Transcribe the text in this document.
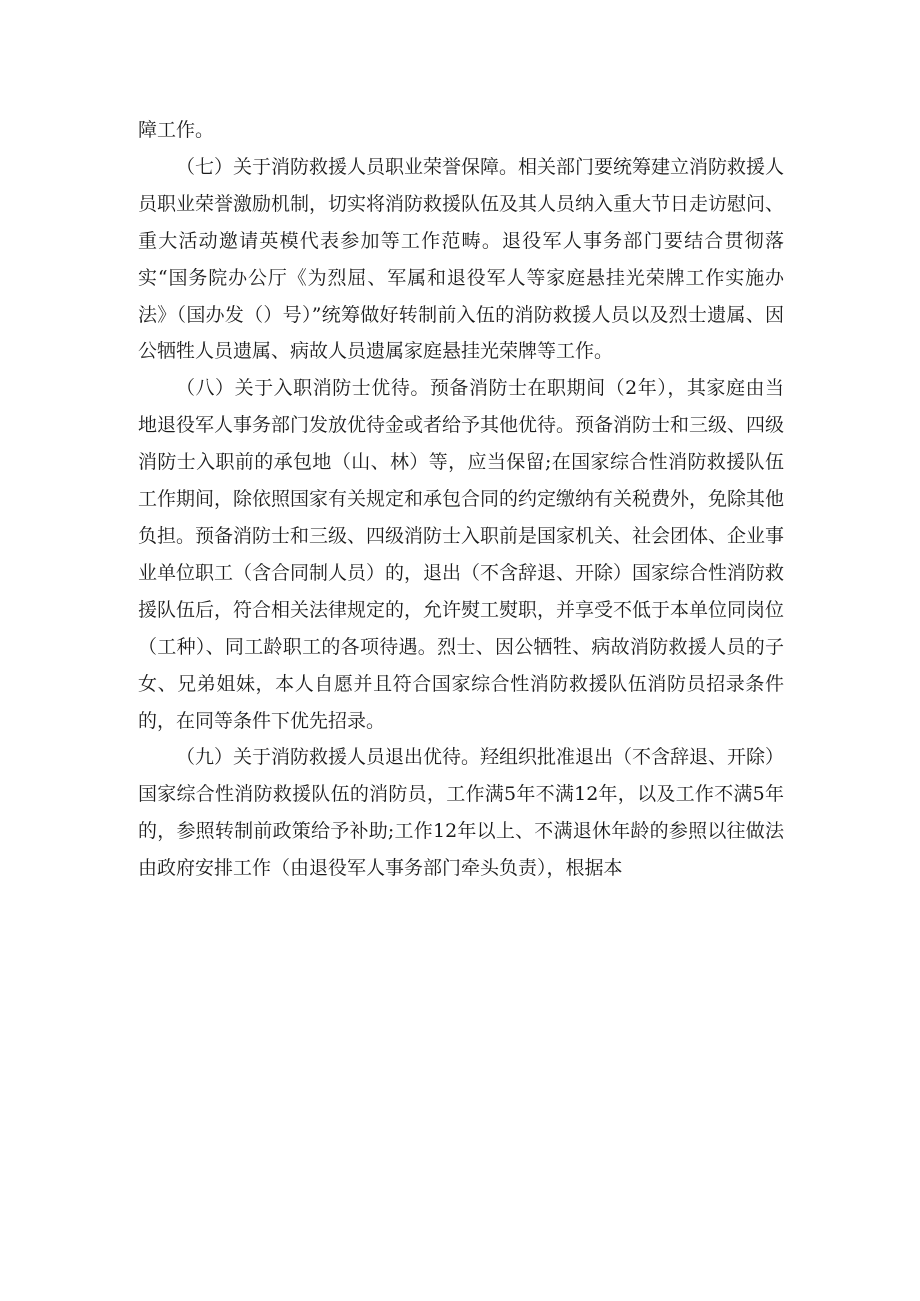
障工作。

（七）关于消防救援人员职业荣誉保障。相关部门要统筹建立消防救援人员职业荣誉激励机制，切实将消防救援队伍及其人员纳入重大节日走访慰问、重大活动邀请英模代表参加等工作范畴。退役军人事务部门要结合贯彻落实“国务院办公厅《为烈屈、军属和退役军人等家庭悬挂光荣牌工作实施办法》（国办发（）号）”统筹做好转制前入伍的消防救援人员以及烈士遗属、因公牺牲人员遗属、病故人员遗属家庭悬挂光荣牌等工作。

（八）关于入职消防士优待。预备消防士在职期间（2年），其家庭由当地退役军人事务部门发放优待金或者给予其他优待。预备消防士和三级、四级消防士入职前的承包地（山、林）等，应当保留;在国家综合性消防救援队伍工作期间，除依照国家有关规定和承包合同的约定缴纳有关税费外，免除其他负担。预备消防士和三级、四级消防士入职前是国家机关、社会团体、企业事业单位职工（含合同制人员）的，退出（不含辞退、开除）国家综合性消防救援队伍后，符合相关法律规定的，允许熨工熨职，并享受不低于本单位同岗位（工种）、同工龄职工的各项待遇。烈士、因公牺牲、病故消防救援人员的子女、兄弟姐妹，本人自愿并且符合国家综合性消防救援队伍消防员招录条件的，在同等条件下优先招录。

（九）关于消防救援人员退出优待。羟组织批准退出（不含辞退、开除）国家综合性消防救援队伍的消防员，工作满5年不满12年，以及工作不满5年的，参照转制前政策给予补助;工作12年以上、不满退休年龄的参照以往做法由政府安排工作（由退役军人事务部门牵头负责），根据本
